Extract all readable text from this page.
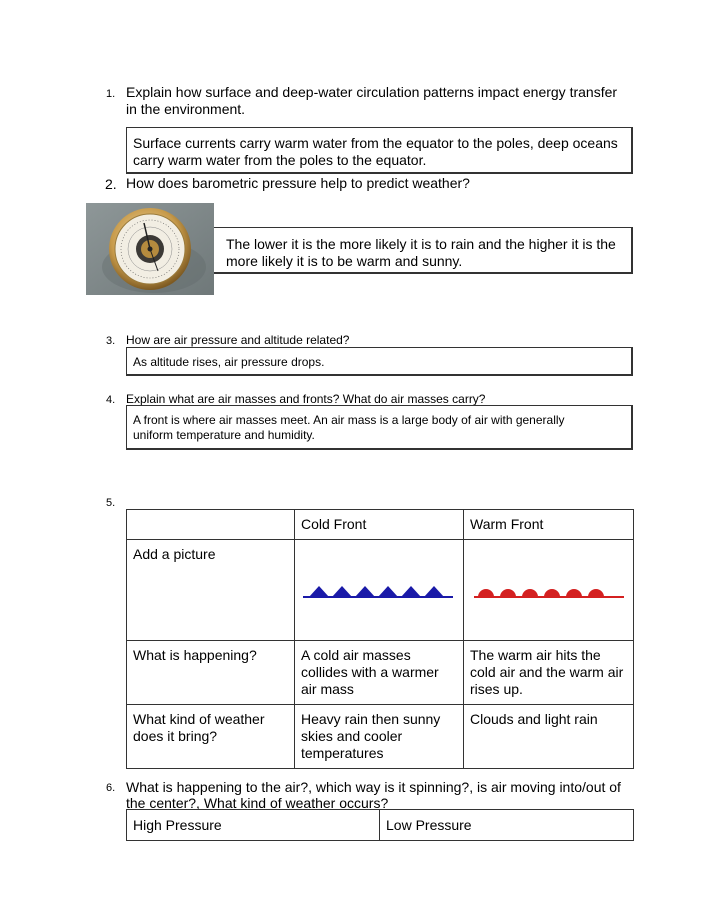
1. Explain how surface and deep-water circulation patterns impact energy transfer
in the environment.
Surface currents carry warm water from the equator to the poles, deep oceans
carry warm water from the poles to the equator.
2. How does barometric pressure help to predict weather?
The lower it is the more likely it is to rain and the higher it is the
more likely it is to be warm and sunny.
3. How are air pressure and altitude related?
As altitude rises, air pressure drops.
4. Explain what are air masses and fronts? What do air masses carry?
A front is where air masses meet. An air mass is a large body of air with generally
uniform temperature and humidity.
5.
	Cold Front	Warm Front
Add a picture		
What is happening?	A cold air masses collides with a warmer air mass	The warm air hits the cold air and the warm air rises up.
What kind of weather does it bring?	Heavy rain then sunny skies and cooler temperatures	Clouds and light rain
6. What is happening to the air?, which way is it spinning?, is air moving into/out of
the center?, What kind of weather occurs?
High Pressure	Low Pressure
